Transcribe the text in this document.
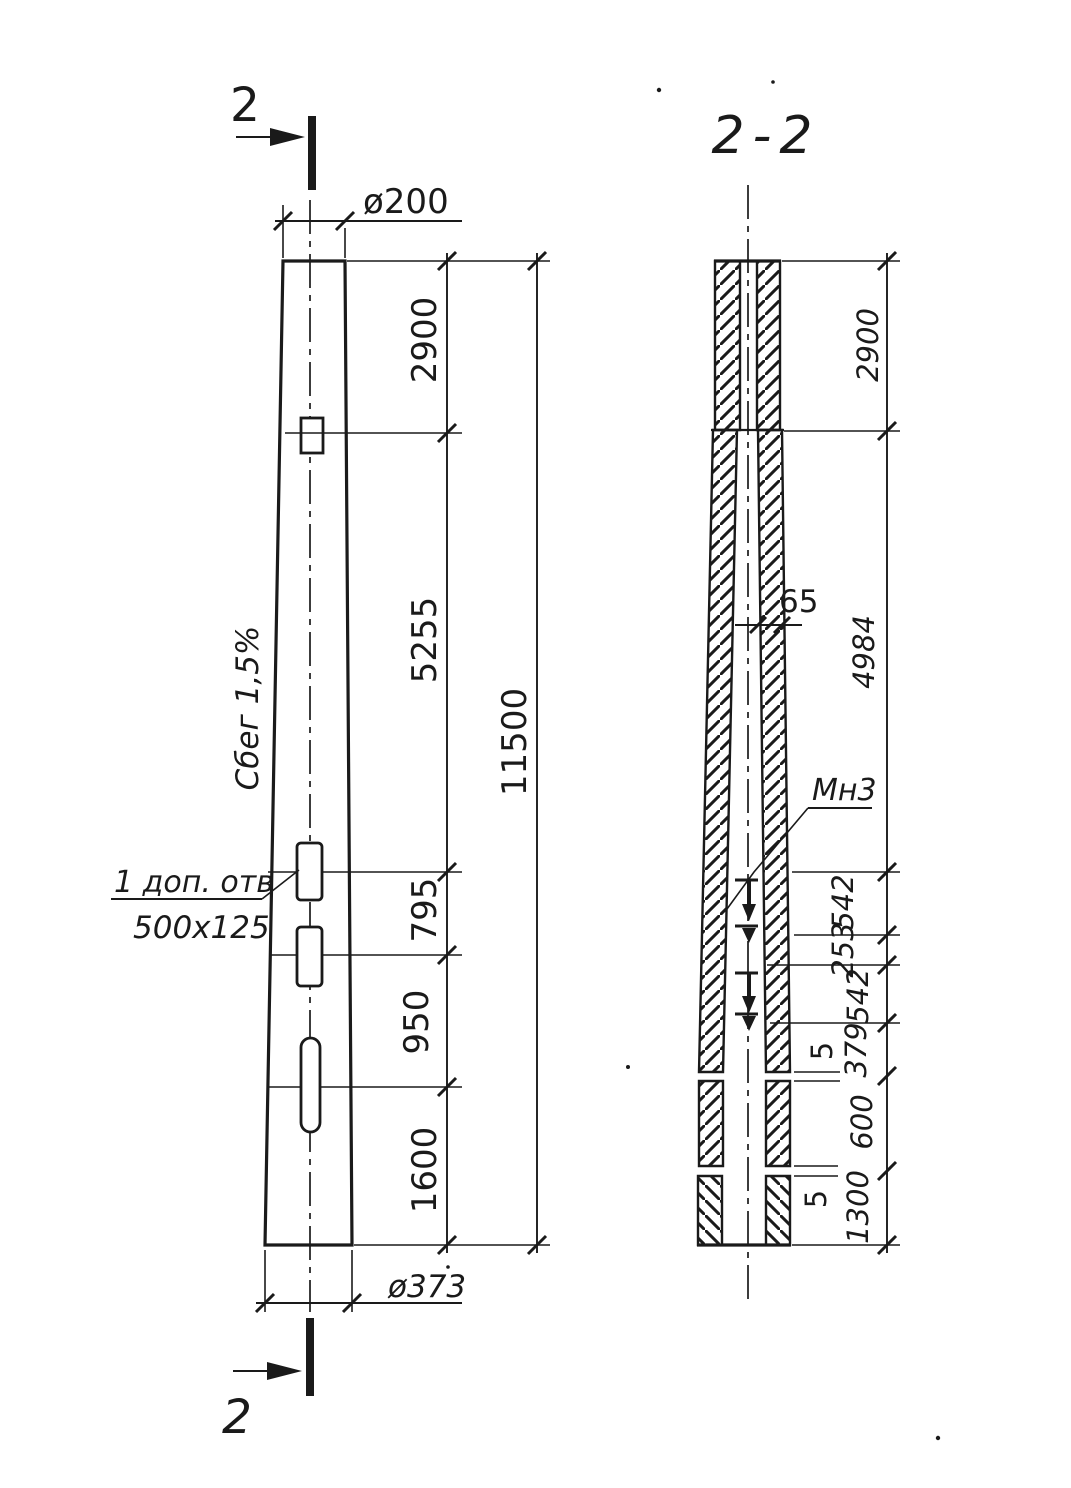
2
2
ø200
ø373
2900
5255
795
950
1600
11500
Сбег 1,5%
1 доп. отв
500x125
2-2
Мн3
65
2900
4984
542
253
542
379
600
1300
5
5
